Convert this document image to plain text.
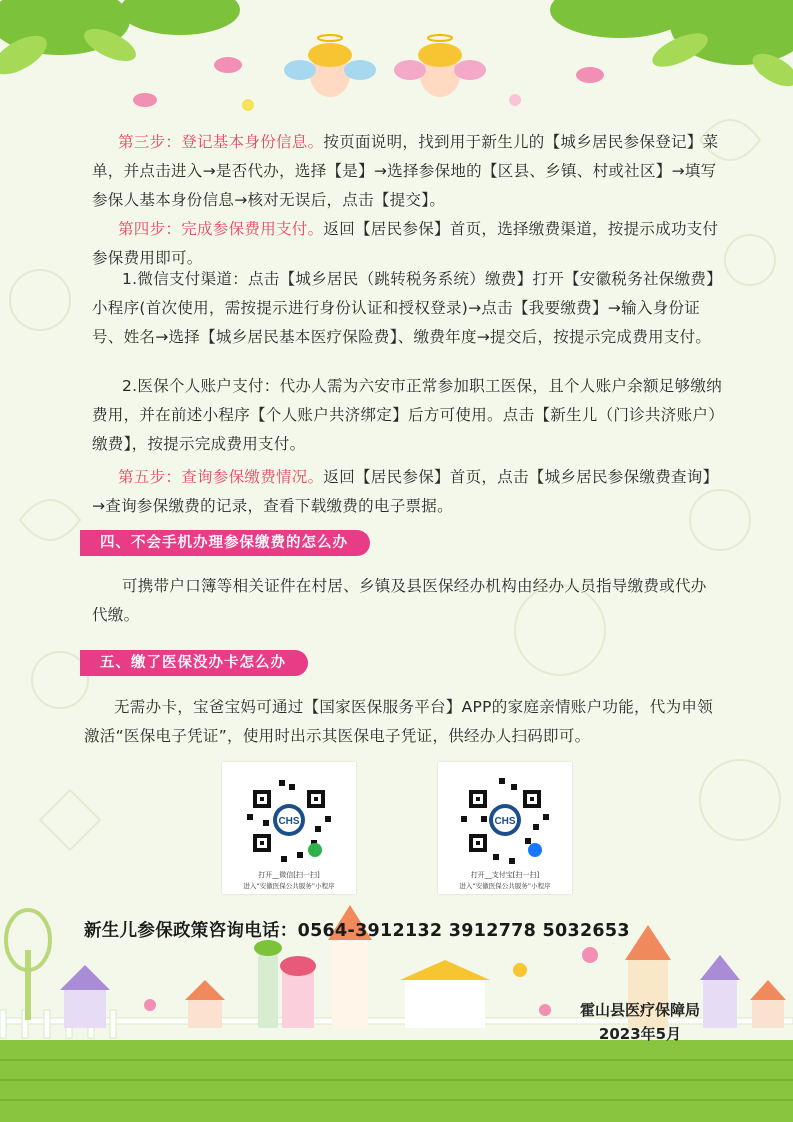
第三步：登记基本身份信息。按页面说明，找到用于新生儿的【城乡居民参保登记】菜单，并点击进入→是否代办，选择【是】→选择参保地的【区县、乡镇、村或社区】→填写参保人基本身份信息→核对无误后，点击【提交】。
第四步：完成参保费用支付。返回【居民参保】首页，选择缴费渠道，按提示成功支付参保费用即可。
1.微信支付渠道：点击【城乡居民（跳转税务系统）缴费】打开【安徽税务社保缴费】小程序(首次使用，需按提示进行身份认证和授权登录)→点击【我要缴费】→输入身份证号、姓名→选择【城乡居民基本医疗保险费】、缴费年度→提交后，按提示完成费用支付。
2.医保个人账户支付：代办人需为六安市正常参加职工医保，且个人账户余额足够缴纳费用，并在前述小程序【个人账户共济绑定】后方可使用。点击【新生儿（门诊共济账户）缴费】，按提示完成费用支付。
第五步：查询参保缴费情况。返回【居民参保】首页，点击【城乡居民参保缴费查询】→查询参保缴费的记录，查看下载缴费的电子票据。
四、不会手机办理参保缴费的怎么办
可携带户口簿等相关证件在村居、乡镇及县医保经办机构由经办人员指导缴费或代办代缴。
五、缴了医保没办卡怎么办
无需办卡，宝爸宝妈可通过【国家医保服务平台】APP的家庭亲情账户功能，代为申领激活“医保电子凭证”，使用时出示其医保电子凭证，供经办人扫码即可。
CHS
打开__微信[扫一扫]
进入“安徽医保公共服务”小程序
CHS
打开__支付宝[扫一扫]
进入“安徽医保公共服务”小程序
新生儿参保政策咨询电话：0564-3912132 3912778 5032653
霍山县医疗保障局
2023年5月
